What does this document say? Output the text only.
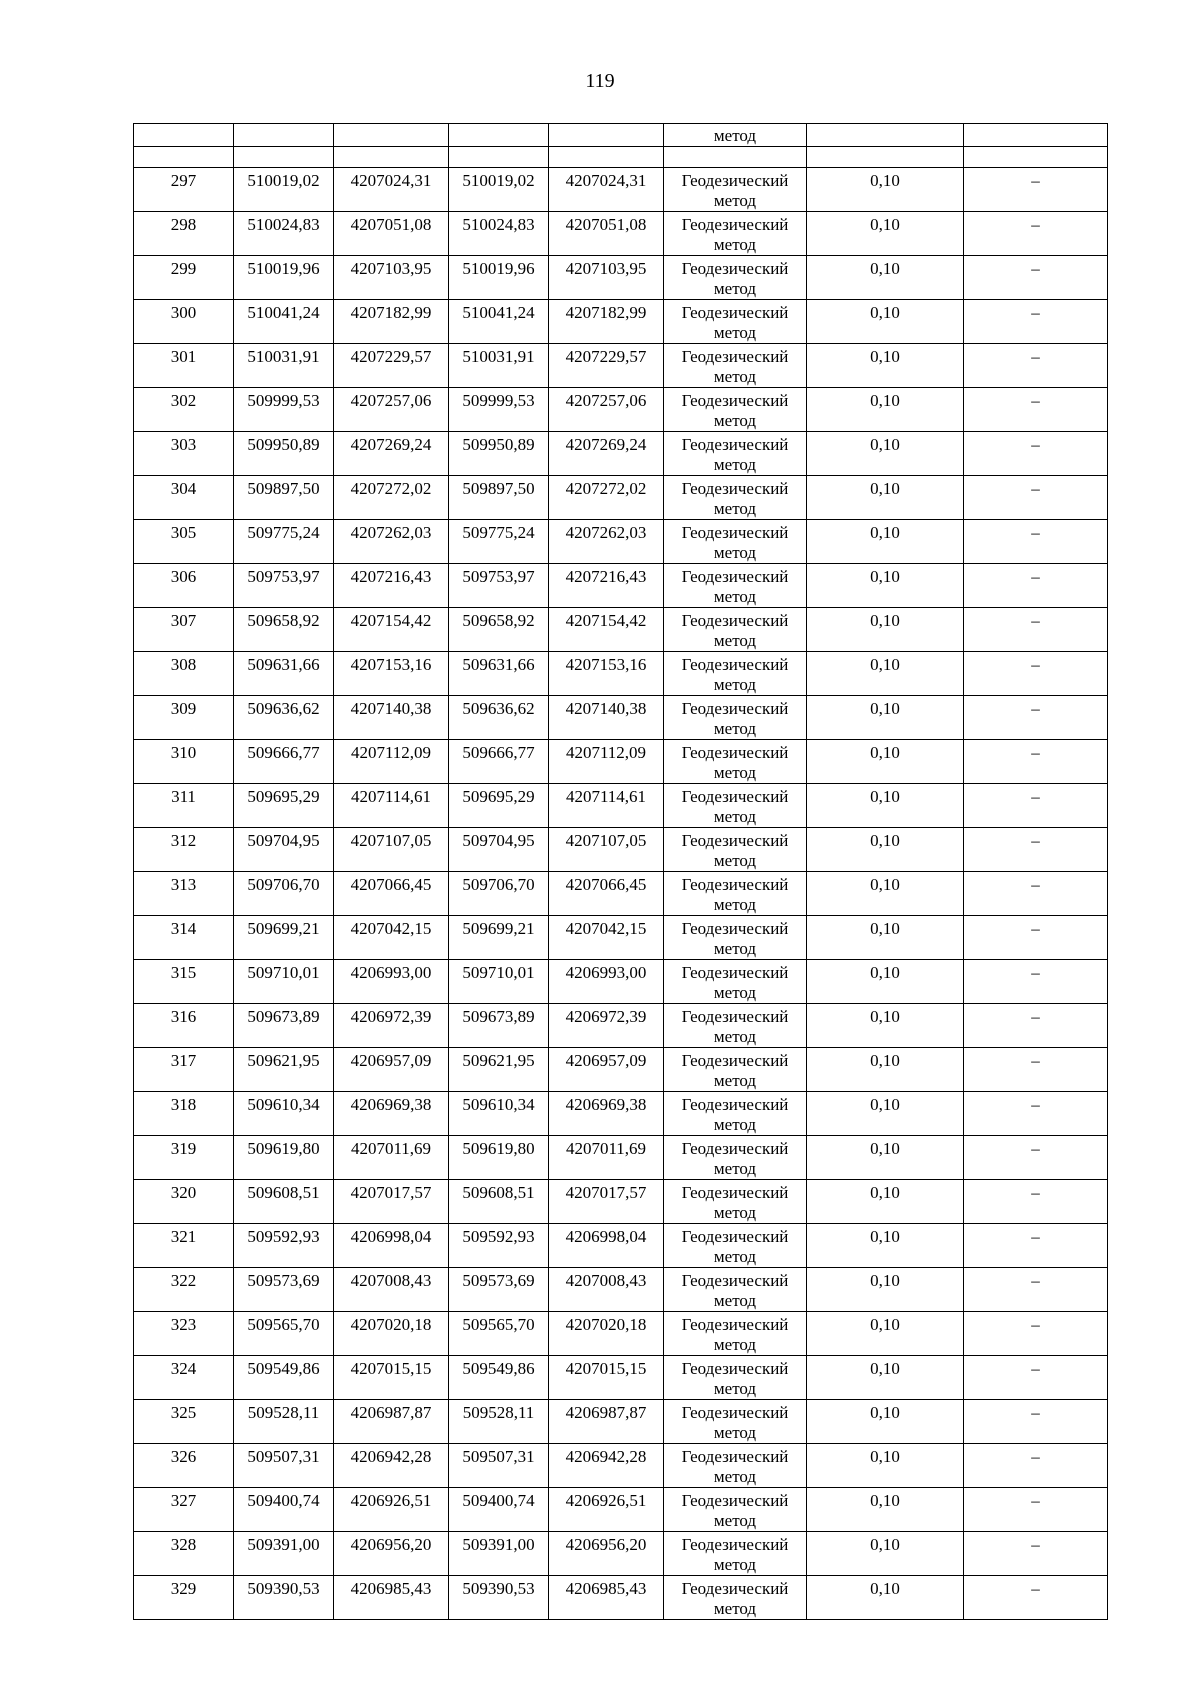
119
					метод		

297	510019,02	4207024,31	510019,02	4207024,31	Геодезический
метод	0,10	–

298	510024,83	4207051,08	510024,83	4207051,08	Геодезический
метод	0,10	–

299	510019,96	4207103,95	510019,96	4207103,95	Геодезический
метод	0,10	–

300	510041,24	4207182,99	510041,24	4207182,99	Геодезический
метод	0,10	–

301	510031,91	4207229,57	510031,91	4207229,57	Геодезический
метод	0,10	–

302	509999,53	4207257,06	509999,53	4207257,06	Геодезический
метод	0,10	–

303	509950,89	4207269,24	509950,89	4207269,24	Геодезический
метод	0,10	–

304	509897,50	4207272,02	509897,50	4207272,02	Геодезический
метод	0,10	–

305	509775,24	4207262,03	509775,24	4207262,03	Геодезический
метод	0,10	–

306	509753,97	4207216,43	509753,97	4207216,43	Геодезический
метод	0,10	–

307	509658,92	4207154,42	509658,92	4207154,42	Геодезический
метод	0,10	–

308	509631,66	4207153,16	509631,66	4207153,16	Геодезический
метод	0,10	–

309	509636,62	4207140,38	509636,62	4207140,38	Геодезический
метод	0,10	–

310	509666,77	4207112,09	509666,77	4207112,09	Геодезический
метод	0,10	–

311	509695,29	4207114,61	509695,29	4207114,61	Геодезический
метод	0,10	–

312	509704,95	4207107,05	509704,95	4207107,05	Геодезический
метод	0,10	–

313	509706,70	4207066,45	509706,70	4207066,45	Геодезический
метод	0,10	–

314	509699,21	4207042,15	509699,21	4207042,15	Геодезический
метод	0,10	–

315	509710,01	4206993,00	509710,01	4206993,00	Геодезический
метод	0,10	–

316	509673,89	4206972,39	509673,89	4206972,39	Геодезический
метод	0,10	–

317	509621,95	4206957,09	509621,95	4206957,09	Геодезический
метод	0,10	–

318	509610,34	4206969,38	509610,34	4206969,38	Геодезический
метод	0,10	–

319	509619,80	4207011,69	509619,80	4207011,69	Геодезический
метод	0,10	–

320	509608,51	4207017,57	509608,51	4207017,57	Геодезический
метод	0,10	–

321	509592,93	4206998,04	509592,93	4206998,04	Геодезический
метод	0,10	–

322	509573,69	4207008,43	509573,69	4207008,43	Геодезический
метод	0,10	–

323	509565,70	4207020,18	509565,70	4207020,18	Геодезический
метод	0,10	–

324	509549,86	4207015,15	509549,86	4207015,15	Геодезический
метод	0,10	–

325	509528,11	4206987,87	509528,11	4206987,87	Геодезический
метод	0,10	–

326	509507,31	4206942,28	509507,31	4206942,28	Геодезический
метод	0,10	–

327	509400,74	4206926,51	509400,74	4206926,51	Геодезический
метод	0,10	–

328	509391,00	4206956,20	509391,00	4206956,20	Геодезический
метод	0,10	–

329	509390,53	4206985,43	509390,53	4206985,43	Геодезический
метод	0,10	–
